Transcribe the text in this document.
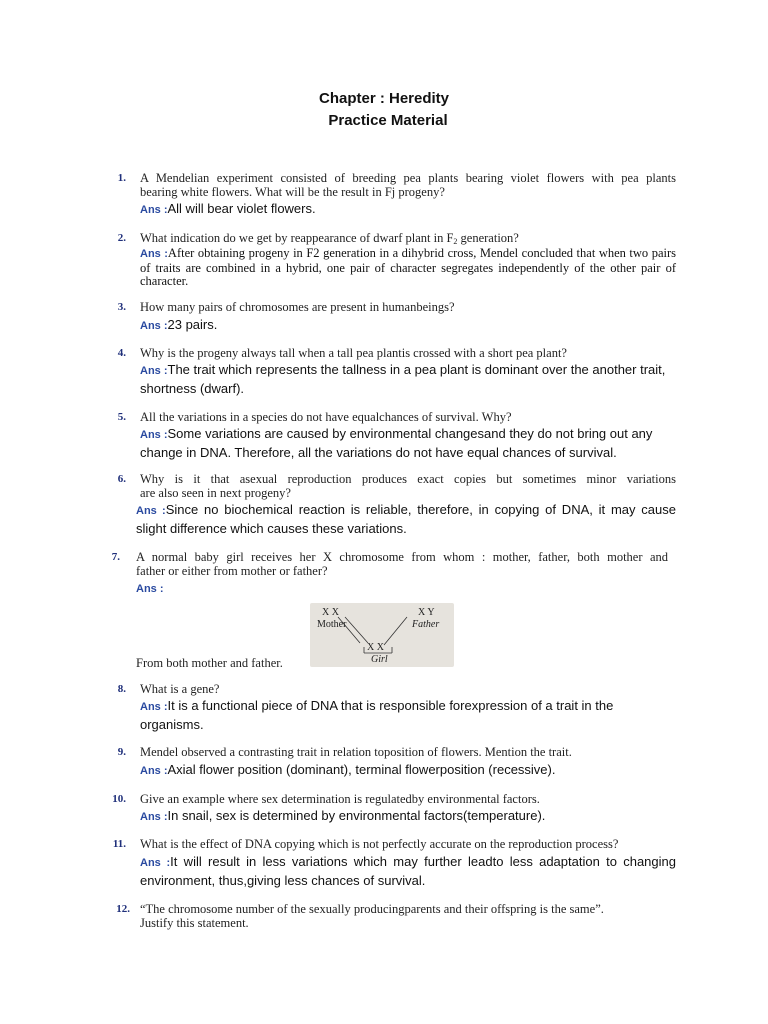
Chapter : Heredity
Practice Material
1. A Mendelian experiment consisted of breeding pea plants bearing violet flowers with pea plants
bearing white flowers. What will be the result in Fj progeny?
Ans :All will bear violet flowers.
2. What indication do we get by reappearance of dwarf plant in $F_2$ generation?
Ans :After obtaining progeny in F2 generation in a dihybrid cross, Mendel concluded that when two pairs of traits are combined in a hybrid, one pair of character segregates independently of the other pair of character.
3. How many pairs of chromosomes are present in humanbeings?
Ans :23 pairs.
4. Why is the progeny always tall when a tall pea plantis crossed with a short pea plant?
Ans :The trait which represents the tallness in a pea plant is dominant over the another trait, shortness (dwarf).
5. All the variations in a species do not have equalchances of survival. Why?
Ans :Some variations are caused by environmental changesand they do not bring out any change in DNA. Therefore, all the variations do not have equal chances of survival.
6. Why is it that asexual reproduction produces exact copies but sometimes minor variations
are also seen in next progeny?
Ans :Since no biochemical reaction is reliable, therefore, in copying of DNA, it may cause slight difference which causes these variations.
7. A normal baby girl receives her X chromosome from whom : mother, father, both mother and
father or either from mother or father?
Ans :
X X
Mother
X Y
Father
X X
Girl
From both mother and father.
8. What is a gene?
Ans :It is a functional piece of DNA that is responsible forexpression of a trait in the organisms.
9. Mendel observed a contrasting trait in relation toposition of flowers. Mention the trait.
Ans :Axial flower position (dominant), terminal flowerposition (recessive).
10. Give an example where sex determination is regulatedby environmental factors.
Ans :In snail, sex is determined by environmental factors(temperature).
11. What is the effect of DNA copying which is not perfectly accurate on the reproduction process?
Ans :It will result in less variations which may further leadto less adaptation to changing environment, thus,giving less chances of survival.
12. “The chromosome number of the sexually producingparents and their offspring is the same”.
Justify this statement.
